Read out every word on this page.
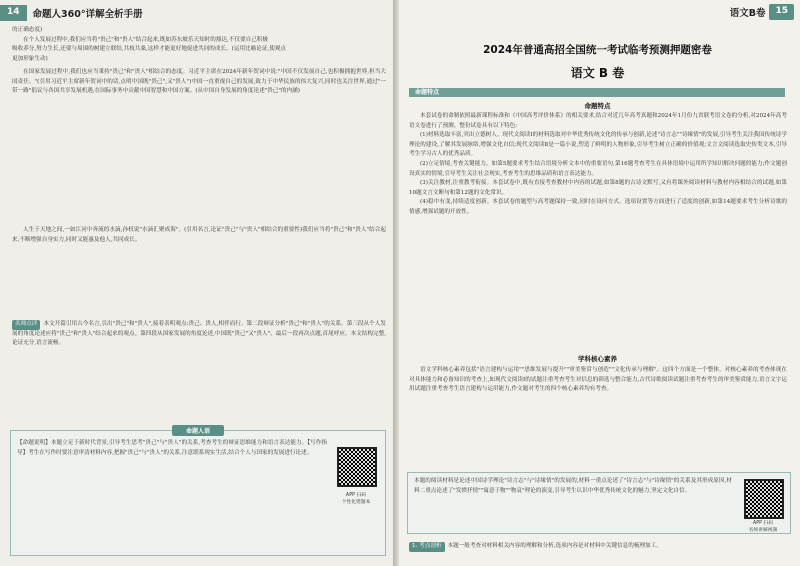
14	命题人360°详解全析手册
的正确态度)

在个人发展过程中,我们应当将"贵己"和"贵人"结合起来,既如苏东坡乐天知时的豁达,不仅要自己积极

吸收养分,努力生长,还要与周围的树建立联结,共枝共桑,这样才能更好地促进共同的成长。(运用比喻论证,使观点
更加形象生动)

在国家发展过程中,我们也应当秉持"贵己"和"贵人"相结合的态度。习近平主席在2024年新年贺词中说:"中国不仅发展自己,也积极拥抱世界,担当大国责任。"(引用习近平主席新年贺词中的话,点明中国既"贵己",又"贵人")中国一直重视自己的发展,致力于中华民族的伟大复兴,同时也关注世界,通过"一带一路"倡议与各国共享发展机遇,在国际事务中贡献中国智慧和中国方案。(从中国自身发展的角度论述"贵己"的内涵)

人生于天地之间,一如江河中奔流的水滴,孙权说"水滴汇聚成海"。(引用名言,论证"贵己"与"贵人"相结合的重要性)我们应当将"贵己"和"贵人"结合起来,不断增强自身实力,同时又能惠及他人,共同成长。

名师点评 本文开篇引用古今名言,引出"贵己"和"贵人",接着表明观点:贵己、贵人,相伴而行。第二段辩证分析"贵己"和"贵人"的关系。第三段从个人发展的角度论述应将"贵己"和"贵人"结合起来的观点。第四段从国家发展的角度论述,中国既"贵己"又"贵人"。最后一段再次点题,首尾呼应。本文结构完整,论证充分,语言流畅。
命题人语
【命题说明】本题立足于新时代背景,引导考生思考"贵己"与"贵人"的关系,考查考生的辩证思维能力和语言表达能力。【写作指导】考生在写作时要注意审清材料内容,把握"贵己"与"贵人"的关系,注意联系现实生活,结合个人与国家的发展进行论述。
APP 扫码
个性化错题本
语文B卷	15
2024年普通高招全国统一考试临考预测押题密卷
语文 B 卷
命题特点
命题特点

本套试卷的命制依照最新课程标准和《中国高考评价体系》的相关要求,结合对近几年高考真题和2024年1月份九省联考语文卷的分析,对2024年高考语文卷进行了预测。整份试卷具有以下特色:

(1)材料选取丰富,突出立德树人。现代文阅读Ⅰ的材料选取对中华优秀传统文化的传承与创新,论述"诗言志""诗缘情"的发展,引导考生关注我国传统诗学理论的建设,了解其发展脉络,增强文化自信;现代文阅读Ⅱ是一篇小说,塑造了鲜明的人物形象,引导考生树立正确的价值观;文言文阅读选取史传类文本,引导考生学习古人的优秀品质。

(2)立足情境,考查关键能力。如第5题要求考生结合语境分析文本中的重要语句,第16题考查考生在具体语境中运用所学知识解决问题的能力;作文题创设真实的情境,引导考生关注社会现实,考查考生的思维品质和语言表达能力。

(3)关注教材,注重教考衔接。本套试卷中,既有直接考查教材中内容的试题,如第8题的古诗文默写,又有将课外阅读材料与教材内容相结合的试题,如第10题文言文断句和第12题的文化常识。

(4)稳中有变,持续适度创新。本套试卷的题型与高考题保持一致,同时在设问方式、选项设置等方面进行了适度的创新,如第14题要求考生分析诗歌的情感,增强试题的开放性。

学科核心素养

语文学科核心素养包括"语言建构与运用""思维发展与提升""审美鉴赏与创造""文化传承与理解"。这四个方面是一个整体。对核心素养的考查体现在对具体能力和必备知识的考查上,如现代文阅读Ⅰ的试题注重考查考生对信息的筛选与整合能力,古代诗歌阅读试题注重考查考生的审美鉴赏能力,语言文字运用试题注重考查考生语言建构与运用能力,作文题对考生的四个核心素养均有考查。

本题的阅读材料是论述中国诗学理论"诗言志"与"诗缘情"的发展的,材料一重点论述了"诗言志"与"诗缘情"的关系及其形成原因,材料二重点论述了"发愤抒情""寓意于物""物哀"理论的演变,引导考生认识中华优秀传统文化的魅力,坚定文化自信。
APP 扫码
名师讲解视频
1. 考点剖析 本题一般考查对材料相关内容的理解和分析,选项内容是对材料中关键信息的梳理加工。
